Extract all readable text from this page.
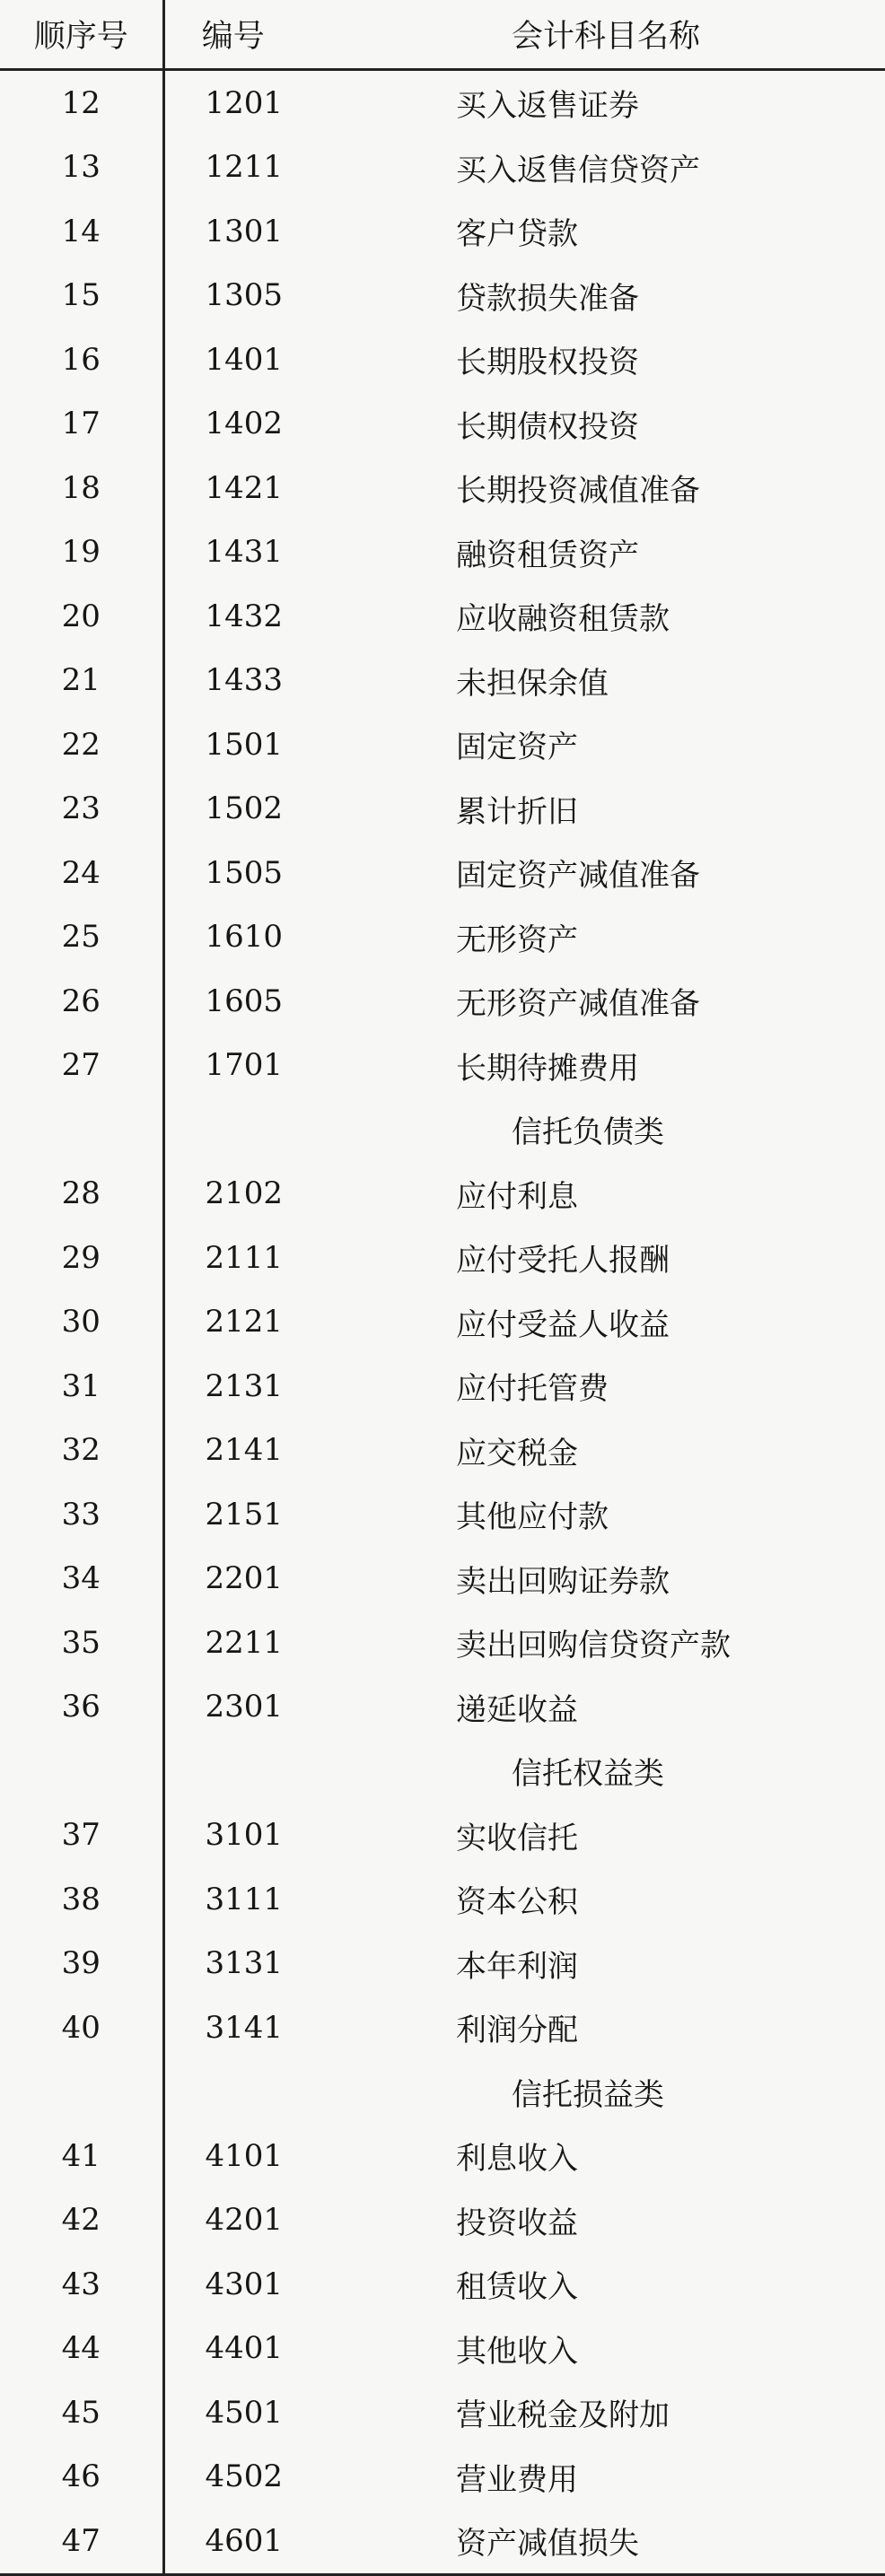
顺序号	编号	会计科目名称
12	1201	买入返售证券
13	1211	买入返售信贷资产
14	1301	客户贷款
15	1305	贷款损失准备
16	1401	长期股权投资
17	1402	长期债权投资
18	1421	长期投资减值准备
19	1431	融资租赁资产
20	1432	应收融资租赁款
21	1433	未担保余值
22	1501	固定资产
23	1502	累计折旧
24	1505	固定资产减值准备
25	1610	无形资产
26	1605	无形资产减值准备
27	1701	长期待摊费用
		信托负债类
28	2102	应付利息
29	2111	应付受托人报酬
30	2121	应付受益人收益
31	2131	应付托管费
32	2141	应交税金
33	2151	其他应付款
34	2201	卖出回购证券款
35	2211	卖出回购信贷资产款
36	2301	递延收益
		信托权益类
37	3101	实收信托
38	3111	资本公积
39	3131	本年利润
40	3141	利润分配
		信托损益类
41	4101	利息收入
42	4201	投资收益
43	4301	租赁收入
44	4401	其他收入
45	4501	营业税金及附加
46	4502	营业费用
47	4601	资产减值损失
